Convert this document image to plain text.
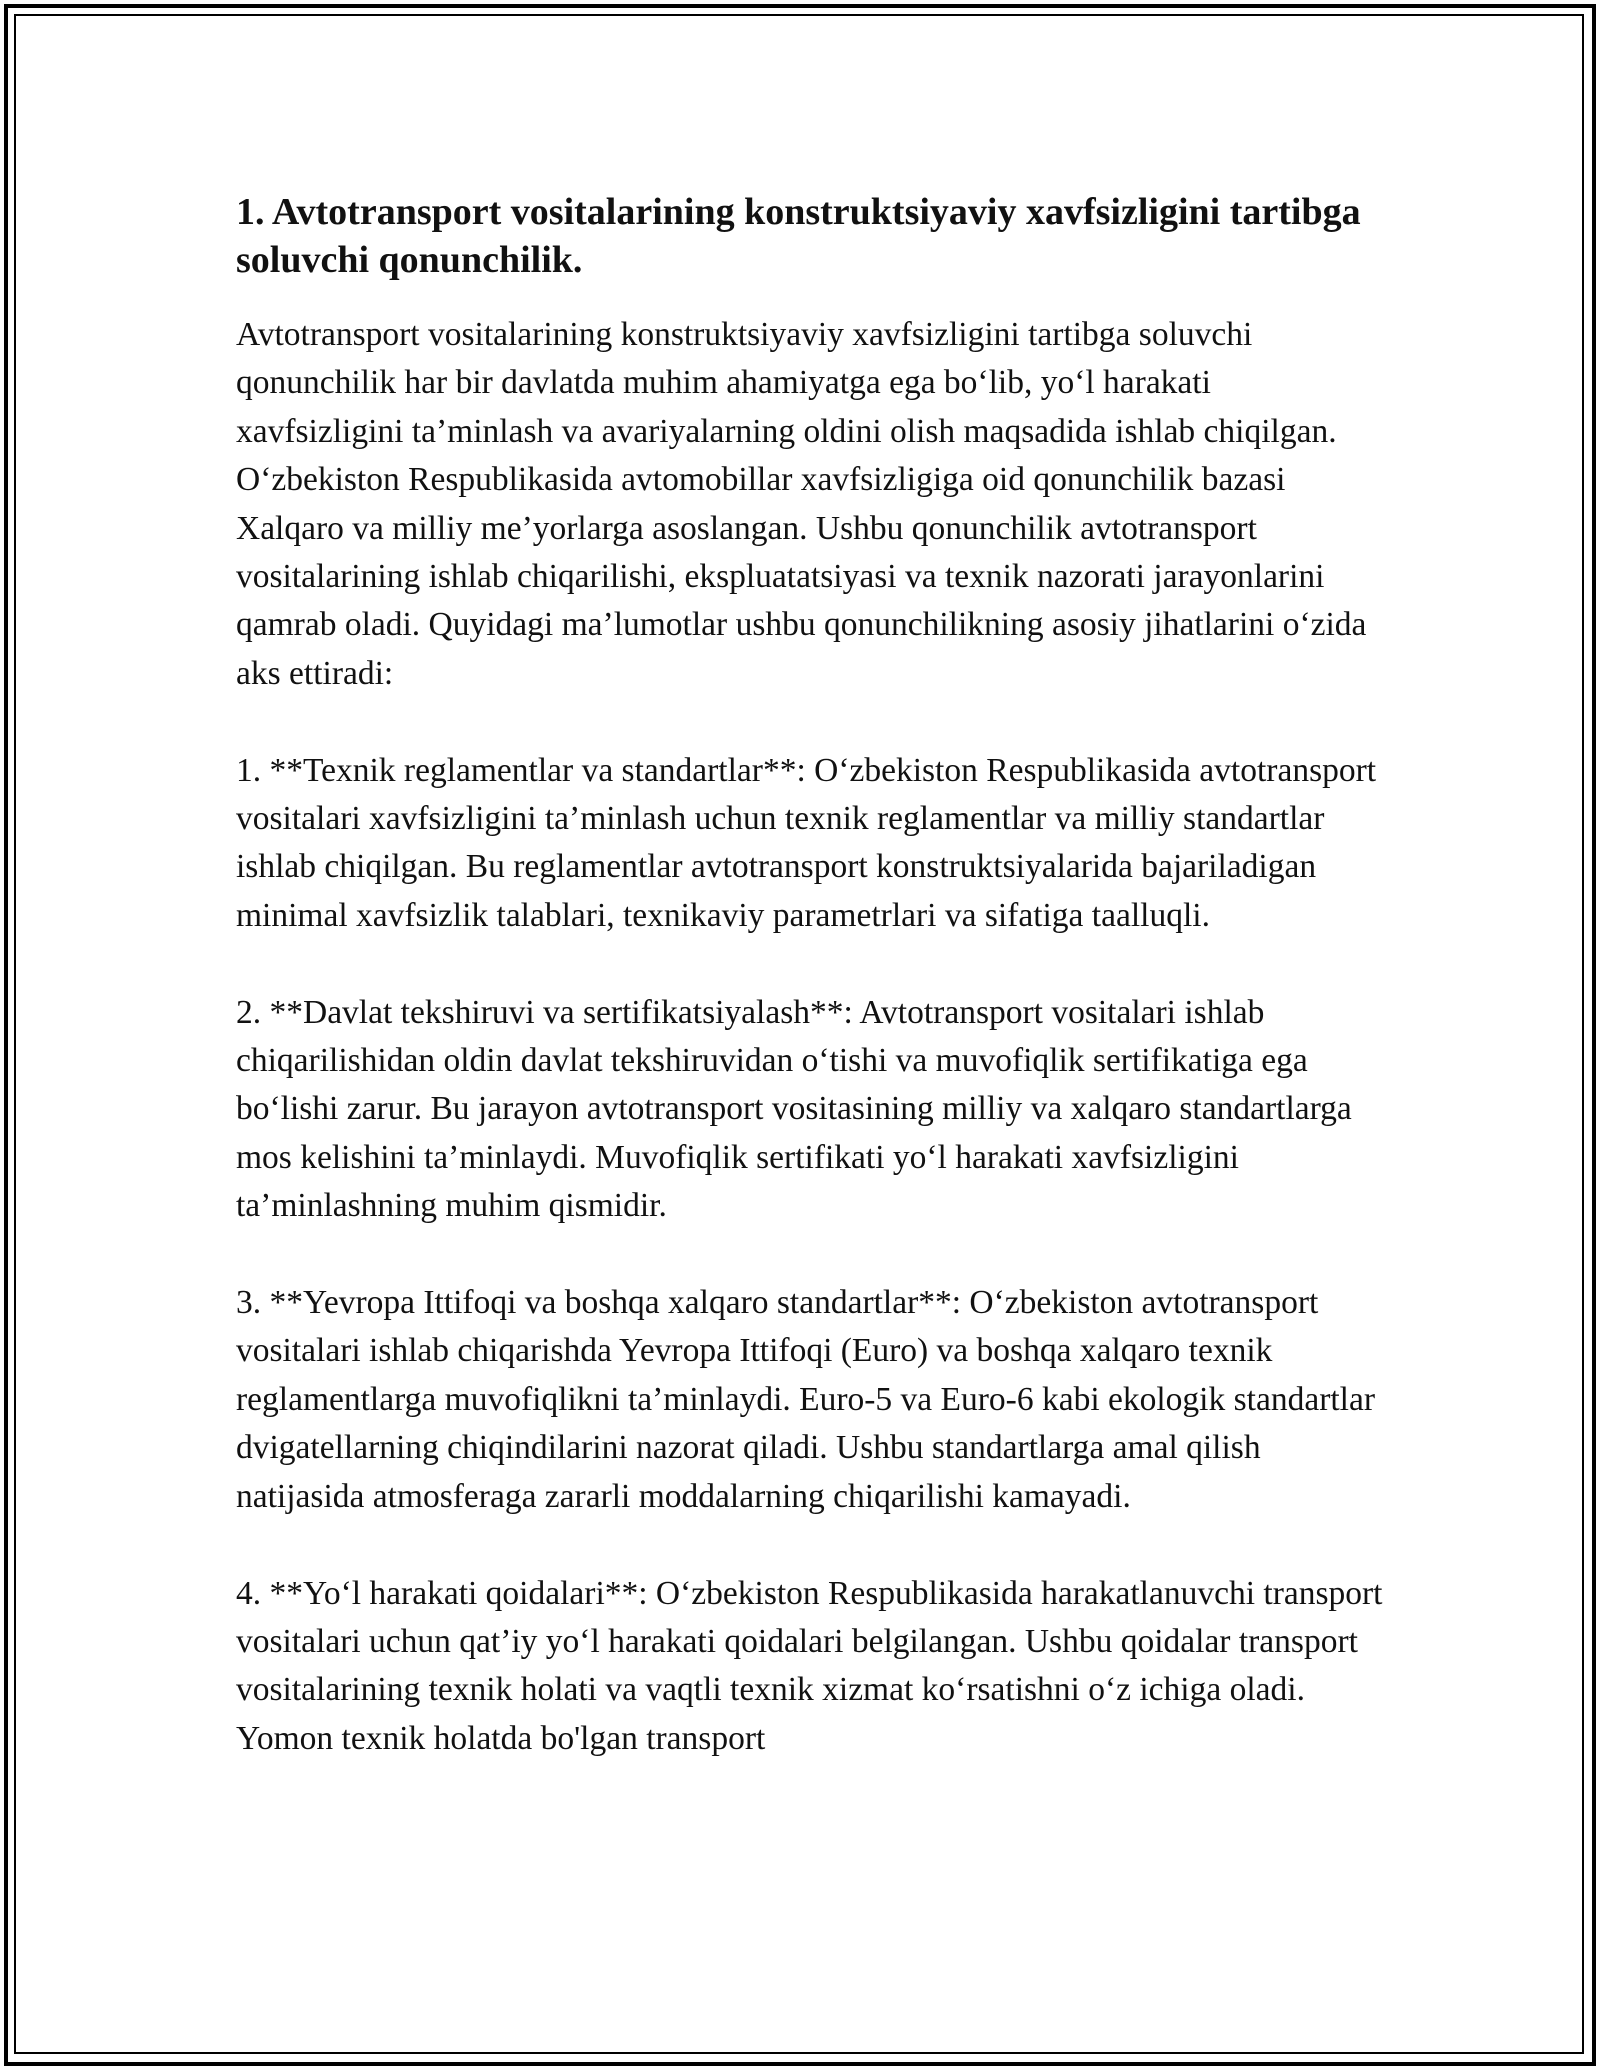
1. Avtotransport vositalarining konstruktsiyaviy xavfsizligini tartibga soluvchi qonunchilik.

Avtotransport vositalarining konstruktsiyaviy xavfsizligini tartibga soluvchi qonunchilik har bir davlatda muhim ahamiyatga ega bo‘lib, yo‘l harakati xavfsizligini ta’minlash va avariyalarning oldini olish maqsadida ishlab chiqilgan. O‘zbekiston Respublikasida avtomobillar xavfsizligiga oid qonunchilik bazasi Xalqaro va milliy me’yorlarga asoslangan. Ushbu qonunchilik avtotransport vositalarining ishlab chiqarilishi, ekspluatatsiyasi va texnik nazorati jarayonlarini qamrab oladi. Quyidagi ma’lumotlar ushbu qonunchilikning asosiy jihatlarini o‘zida aks ettiradi:

1. **Texnik reglamentlar va standartlar**: O‘zbekiston Respublikasida avtotransport vositalari xavfsizligini ta’minlash uchun texnik reglamentlar va milliy standartlar ishlab chiqilgan. Bu reglamentlar avtotransport konstruktsiyalarida bajariladigan minimal xavfsizlik talablari, texnikaviy parametrlari va sifatiga taalluqli.

2. **Davlat tekshiruvi va sertifikatsiyalash**: Avtotransport vositalari ishlab chiqarilishidan oldin davlat tekshiruvidan o‘tishi va muvofiqlik sertifikatiga ega bo‘lishi zarur. Bu jarayon avtotransport vositasining milliy va xalqaro standartlarga mos kelishini ta’minlaydi. Muvofiqlik sertifikati yo‘l harakati xavfsizligini ta’minlashning muhim qismidir.

3. **Yevropa Ittifoqi va boshqa xalqaro standartlar**: O‘zbekiston avtotransport vositalari ishlab chiqarishda Yevropa Ittifoqi (Euro) va boshqa xalqaro texnik reglamentlarga muvofiqlikni ta’minlaydi. Euro-5 va Euro-6 kabi ekologik standartlar dvigatellarning chiqindilarini nazorat qiladi. Ushbu standartlarga amal qilish natijasida atmosferaga zararli moddalarning chiqarilishi kamayadi.

4. **Yo‘l harakati qoidalari**: O‘zbekiston Respublikasida harakatlanuvchi transport vositalari uchun qat’iy yo‘l harakati qoidalari belgilangan. Ushbu qoidalar transport vositalarining texnik holati va vaqtli texnik xizmat ko‘rsatishni o‘z ichiga oladi. Yomon texnik holatda bo'lgan transport
